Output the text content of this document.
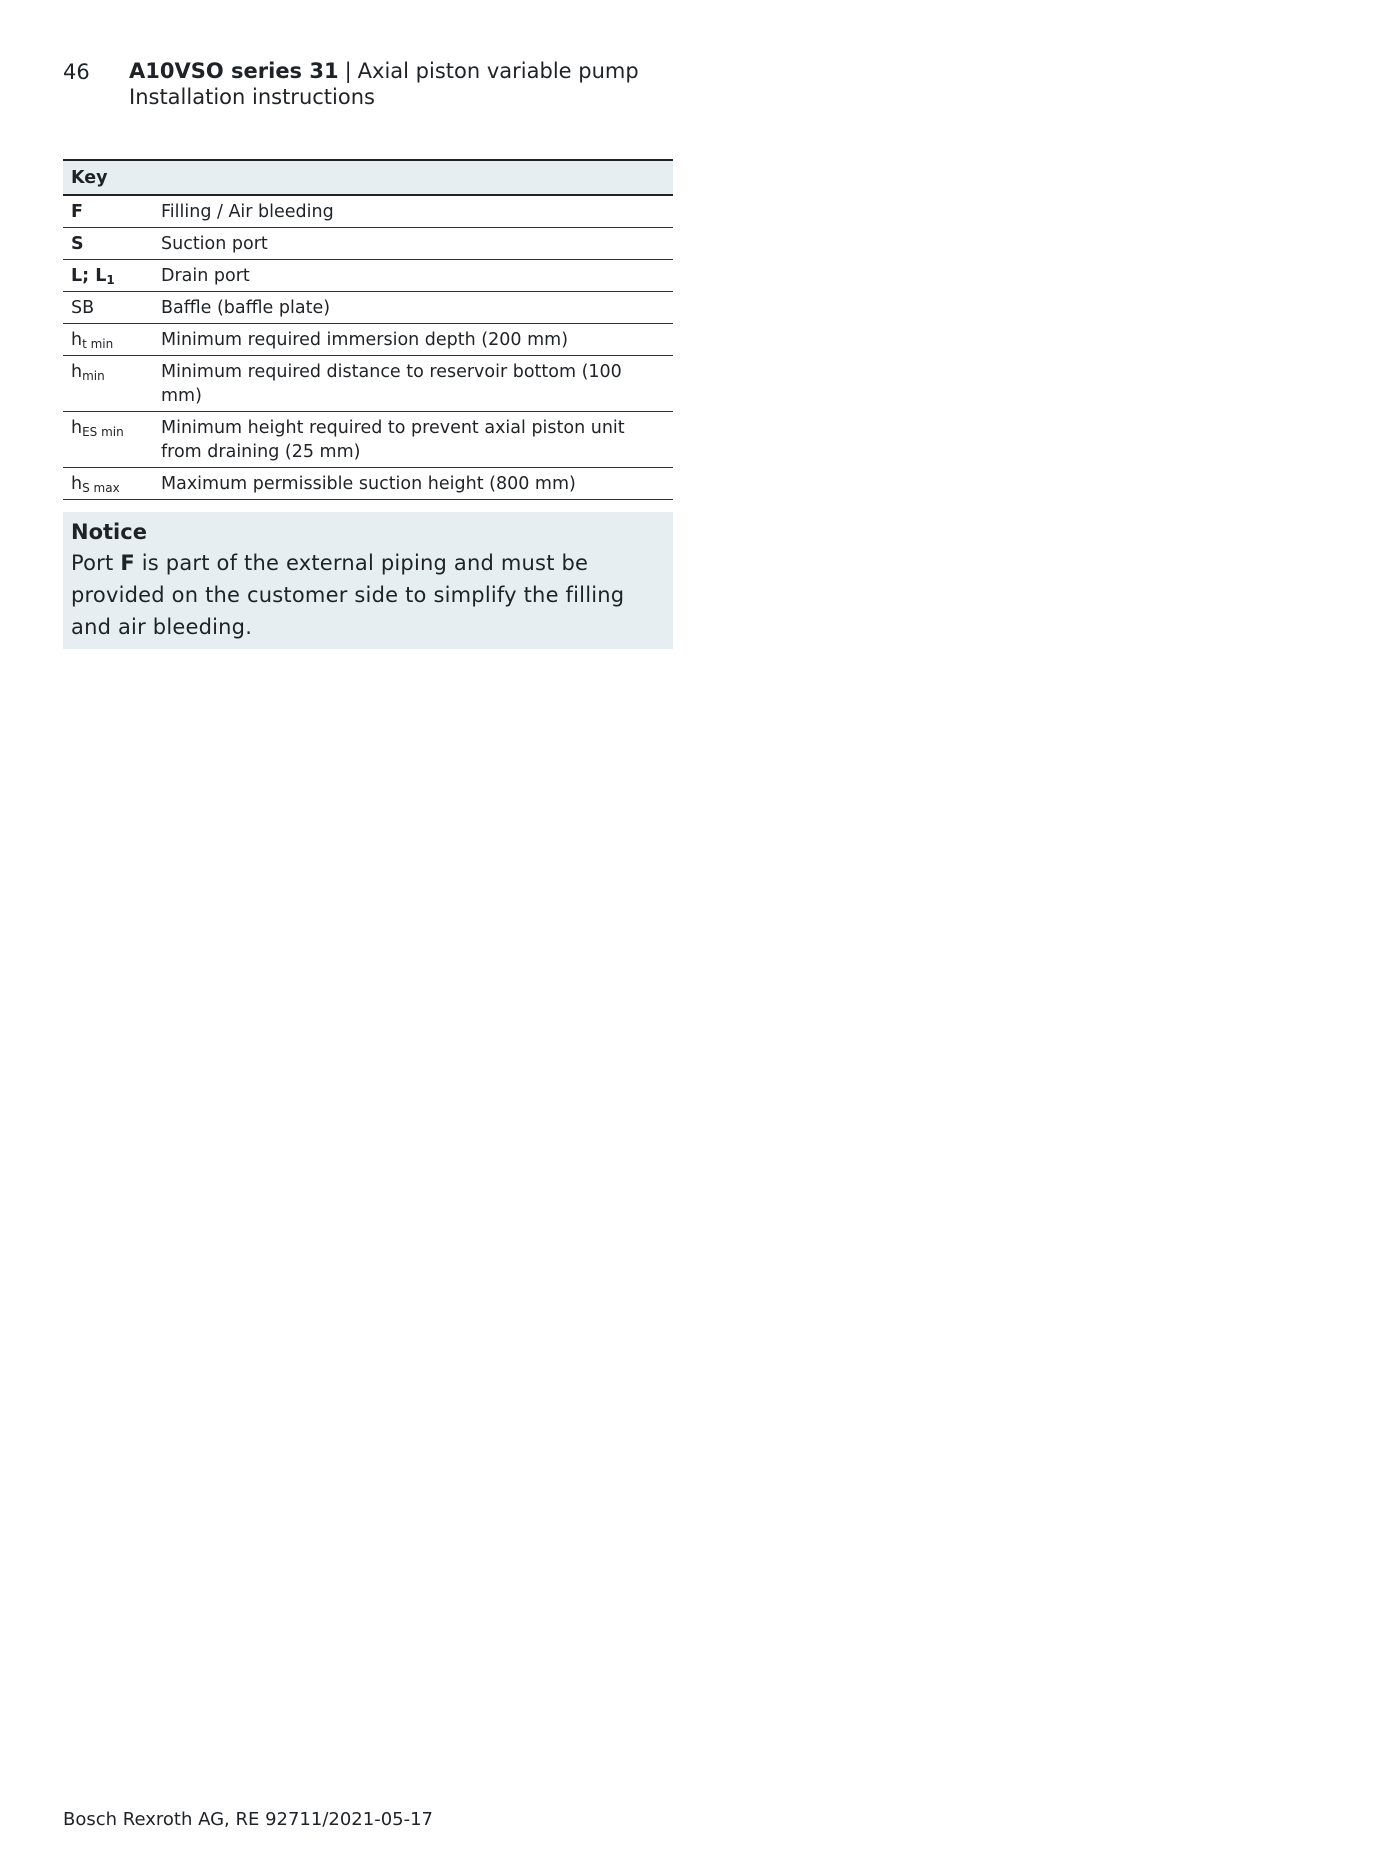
46 A10VSO series 31 | Axial piston variable pump
Installation instructions
Key	
F	Filling / Air bleeding
S	Suction port
L; $L_1$	Drain port
SB	Baffle (baffle plate)
$h_{t min}$	Minimum required immersion depth (200 mm)
$h_{min}$	Minimum required distance to reservoir bottom (100 mm)
$h_{ES min}$	Minimum height required to prevent axial piston unit from draining (25 mm)
$h_{S max}$	Maximum permissible suction height (800 mm)
Notice
Port F is part of the external piping and must be provided on the customer side to simplify the filling and air bleeding.
Bosch Rexroth AG, RE 92711/2021-05-17
